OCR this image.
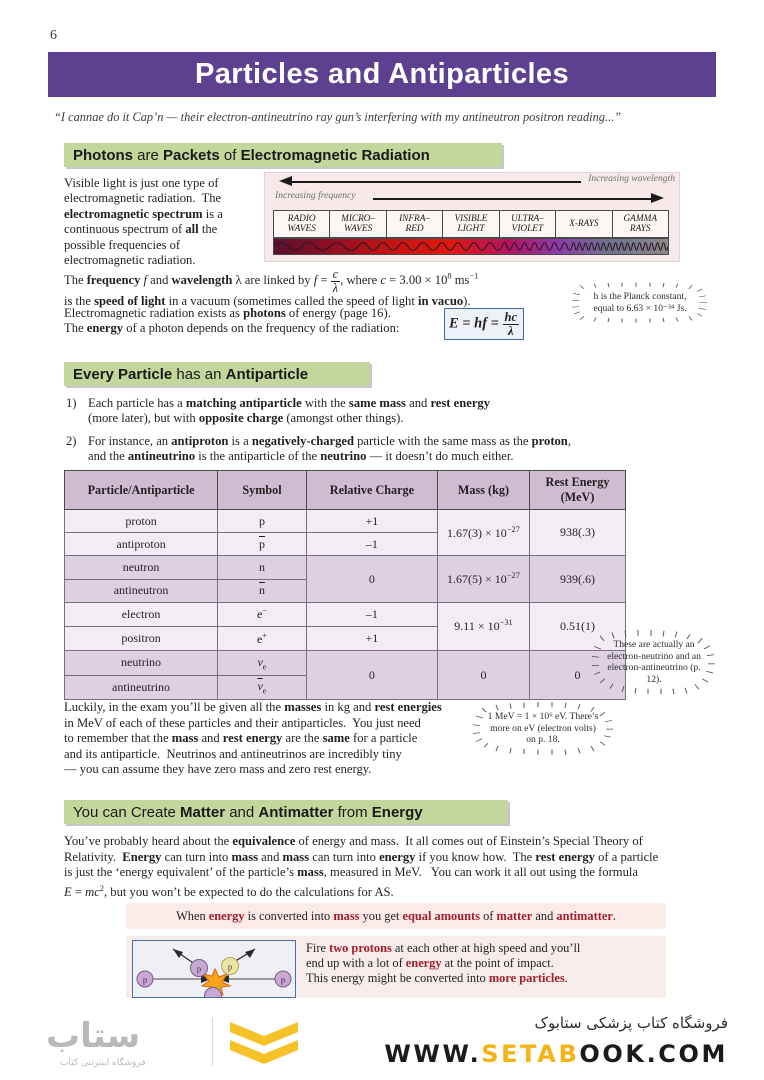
6
Particles and Antiparticles
“I cannae do it Cap’n — their electron-antineutrino ray gun’s interfering with my antineutron positron reading...”
Photons are Packets of Electromagnetic Radiation
Visible light is just one type of electromagnetic radiation.  The electromagnetic spectrum is a continuous spectrum of all the possible frequencies of electromagnetic radiation.
Increasing wavelength
Increasing frequency
RADIO
WAVES
MICRO–
WAVES
INFRA–
RED
VISIBLE
LIGHT
ULTRA–
VIOLET
X-RAYS
GAMMA
RAYS
The frequency f and wavelength λ are linked by $f = \frac{c}{\lambda}$ , where $c = 3.00 \times 10^8$ $ms^{-1}$
is the speed of light in a vacuum (sometimes called the speed of light in vacuo).
Electromagnetic radiation exists as photons of energy (page 16).
The energy of a photon depends on the frequency of the radiation:	E = hf = $\frac{hc}{\lambda}$
h is the Planck constant, equal to 6.63 × 10⁻³⁴ Js.
Every Particle has an Antiparticle
1) Each particle has a matching antiparticle with the same mass and rest energy
(more later), but with opposite charge (amongst other things).
2) For instance, an antiproton is a negatively-charged particle with the same mass as the proton,
and the antineutrino is the antiparticle of the neutrino — it doesn’t do much either.
Particle/Antiparticle	Symbol	Relative Charge	Mass (kg)	Rest Energy (MeV)
proton	p	+1	$1.67(3) \times 10^{-27}$	938(.3)
antiproton	$\overline{p}$	–1		
neutron	n	0	$1.67(5) \times 10^{-27}$	939(.6)
antineutron	$\overline{n}$
electron	e−	–1	$9.11 \times 10^{-31}$	0.51(1)
positron	e+	+1		
neutrino	$\nu_e$	0	0	0
antineutrino	$\overline{\nu}_e$
These are actually an electron-neutrino and an electron-antineutrino (p. 12).
Luckily, in the exam you’ll be given all the masses in kg and rest energies
in MeV of each of these particles and their antiparticles.  You just need
to remember that the mass and rest energy are the same for a particle
and its antiparticle.  Neutrinos and antineutrinos are incredibly tiny
— you can assume they have zero mass and zero rest energy.
1 MeV = 1 × 10⁶ eV. There’s more on eV (electron volts) on p. 18.
You can Create Matter and Antimatter from Energy
You’ve probably heard about the equivalence of energy and mass.  It all comes out of Einstein’s Special Theory of
Relativity.  Energy can turn into mass and mass can turn into energy if you know how.  The rest energy of a particle
is just the ‘energy equivalent’ of the particle’s mass, measured in MeV.   You can work it all out using the formula
$E = mc^2$, but you won’t be expected to do the calculations for AS.
When energy is converted into mass you get equal amounts of matter and antimatter.
p	p
p	p
Fire two protons at each other at high speed and you’ll
end up with a lot of energy at the point of impact.
This energy might be converted into more particles.
ستاب
فروشگاه اینترنتی کتاب
فروشگاه کتاب پزشکی ستابوک
WWW.SETABOOK.COM
